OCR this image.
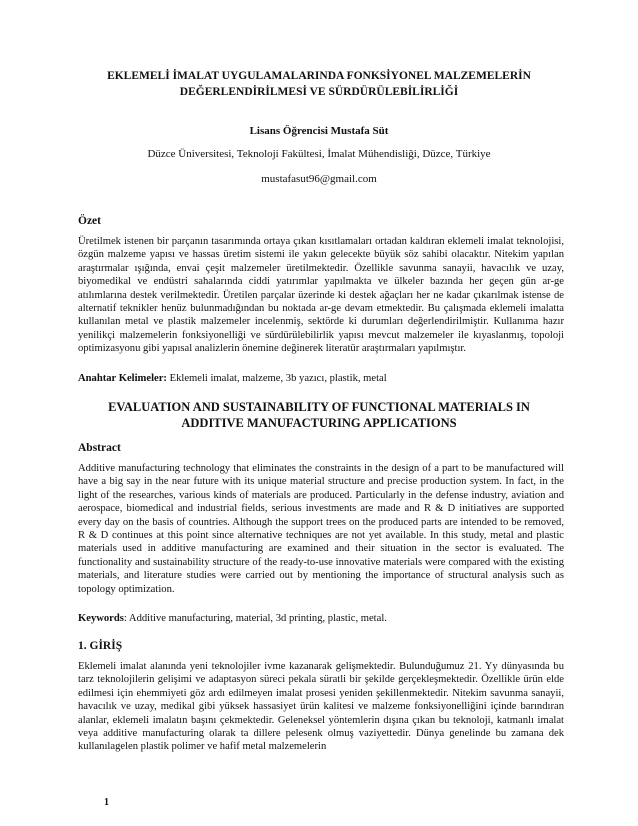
EKLEMELİ İMALAT UYGULAMALARINDA FONKSİYONEL MALZEMELERİN DEĞERLENDİRİLMESİ VE SÜRDÜRÜLEBİLİRLİĞİ
Lisans Öğrencisi Mustafa Süt
Düzce Üniversitesi, Teknoloji Fakültesi, İmalat Mühendisliği, Düzce, Türkiye
mustafasut96@gmail.com
Özet
Üretilmek istenen bir parçanın tasarımında ortaya çıkan kısıtlamaları ortadan kaldıran eklemeli imalat teknolojisi, özgün malzeme yapısı ve hassas üretim sistemi ile yakın gelecekte büyük söz sahibi olacaktır. Nitekim yapılan araştırmalar ışığında, envai çeşit malzemeler üretilmektedir. Özellikle savunma sanayii, havacılık ve uzay, biyomedikal ve endüstri sahalarında ciddi yatırımlar yapılmakta ve ülkeler bazında her geçen gün ar-ge atılımlarına destek verilmektedir. Üretilen parçalar üzerinde ki destek ağaçları her ne kadar çıkarılmak istense de alternatif teknikler henüz bulunmadığından bu noktada ar-ge devam etmektedir. Bu çalışmada eklemeli imalatta kullanılan metal ve plastik malzemeler incelenmiş, sektörde ki durumları değerlendirilmiştir. Kullanıma hazır yenilikçi malzemelerin fonksiyonelliği ve sürdürülebilirlik yapısı mevcut malzemeler ile kıyaslanmış, topoloji optimizasyonu gibi yapısal analizlerin önemine değinerek literatür araştırmaları yapılmıştır.
Anahtar Kelimeler: Eklemeli imalat, malzeme, 3b yazıcı, plastik, metal
EVALUATION AND SUSTAINABILITY OF FUNCTIONAL MATERIALS IN ADDITIVE MANUFACTURING APPLICATIONS
Abstract
Additive manufacturing technology that eliminates the constraints in the design of a part to be manufactured will have a big say in the near future with its unique material structure and precise production system. In fact, in the light of the researches, various kinds of materials are produced. Particularly in the defense industry, aviation and aerospace, biomedical and industrial fields, serious investments are made and R & D initiatives are supported every day on the basis of countries. Although the support trees on the produced parts are intended to be removed, R & D continues at this point since alternative techniques are not yet available. In this study, metal and plastic materials used in additive manufacturing are examined and their situation in the sector is evaluated. The functionality and sustainability structure of the ready-to-use innovative materials were compared with the existing materials, and literature studies were carried out by mentioning the importance of structural analysis such as topology optimization.
Keywords: Additive manufacturing, material, 3d printing, plastic, metal.
1. GİRİŞ
Eklemeli imalat alanında yeni teknolojiler ivme kazanarak gelişmektedir. Bulunduğumuz 21. Yy dünyasında bu tarz teknolojilerin gelişimi ve adaptasyon süreci pekala süratli bir şekilde gerçekleşmektedir. Özellikle ürün elde edilmesi için ehemmiyeti göz ardı edilmeyen imalat prosesi yeniden şekillenmektedir. Nitekim savunma sanayii, havacılık ve uzay, medikal gibi yüksek hassasiyet ürün kalitesi ve malzeme fonksiyonelliğini içinde barındıran alanlar, eklemeli imalatın başını çekmektedir. Geleneksel yöntemlerin dışına çıkan bu teknoloji, katmanlı imalat veya additive manufacturing olarak ta dillere pelesenk olmuş vaziyettedir. Dünya genelinde bu zamana dek kullanılagelen plastik polimer ve hafif metal malzemelerin
1
